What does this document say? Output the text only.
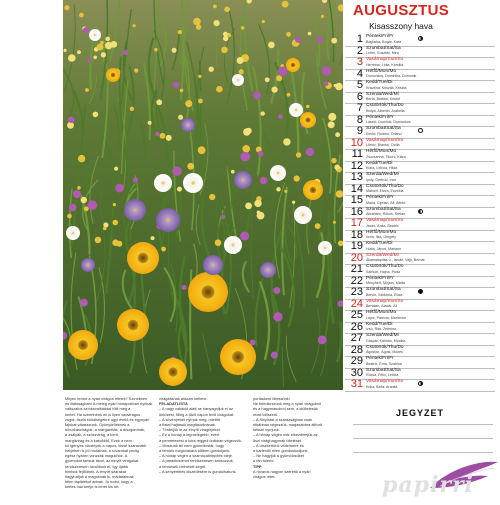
AUGUSZTUS
Kisasszony hava
1 Péntek/Fri/Fr
Boglárka, Bogár, Kata
2 Szombat/Sat/Sa
Lehel, Gusztáv, Mira
3 Vasárnap/Sun/So
Hermina, Lídia, Kamilla
4 Hétfő/Mon/Mo
Domonkos, Dominika, Domonik
5 Kedd/Tue/Di
Krisztina, Krisztiá, Kriszta
6 Szerda/Wed/Mi
Berta, Bettina, Kristóf
7 Csütörtök/Thu/Do
Ibolya, Albertin, Arabella
8 Péntek/Fri/Fr
László, Dominik, Domonkos
9 Szombat/Sat/Sa
Emőd, Roland, Orland
10 Vasárnap/Sun/So
Lőrinc, Blanka, Csilla
11 Hétfő/Mon/Mo
Zsuzsanna, Tiborc, Klára
12 Kedd/Tue/Di
Klára, Letícia, Hilda
13 Szerda/Wed/Mi
Ipoly, Gertrúd, Ince
14 Csütörtök/Thu/Do
Marcell, Elvira, Euzébia
15 Péntek/Fri/Fr
Mária, Ciprián, Ali, Alfréd
16 Szombat/Sat/Sa
Ábrahám, Rókus, Stefán
17 Vasárnap/Sun/So
Jácint, Anita, Beatrix
18 Hétfő/Mon/Mo
Ilona, Ilka, Gergely
19 Kedd/Tue/Di
Huba, János, Mariann
20 Szerda/Wed/Mi
Államalapítás ü., István, Vajk, Bernát
21 Csütörtök/Thu/Do
Sámuel, Hajna, Piusz
22 Péntek/Fri/Fr
Menyhért, Mirjam, Márta
23 Szombat/Sat/Sa
Bence, Szidónia, Róza
24 Vasárnap/Sun/So
Bertalan, Aladár, Ali
25 Hétfő/Mon/Mo
Lajos, Patrícia, Marianna
26 Kedd/Tue/Di
Izsó, Rita, Zeferina
27 Szerda/Wed/Mi
Gáspár, Kálmán, Mónika
28 Csütörtök/Thu/Do
Ágoston, Ágost, Mózes
29 Péntek/Fri/Fr
Beatrix, Erna, Szabina
30 Szombat/Sat/Sa
Rózsa, Félix, Letícia
31 Vasárnap/Sun/So
Erika, Bella, Aranka
Milyen terme a nyári virágos rétnek? Színekben
és illatosagban! A meleg nyári hónapokban nyílnak
változatos színkavalkáddal tölti meg a
kertet. Ha szeretnénk mi is ilyen vadvirágos
zugot, tiszta külsőségekre ugyi évelő és egynyári
fajokat válasszunk. Gyönyörűeknek a
bíborkasvirágok, a margaréták, a díszgombák,
a zsályák, a szöszvirág, a kerti-
margitvirág és a kakukkfű. Ezek a nem
túl igényes növények a napos, kissé szárazabb
helyeken is jól mutatnak, a rovarokat pedig
egész nyáron vonzzák magukhoz. A
gyomokat tartsuk távol, az elnyílt virágokat
rendszeresen távolítsuk el, így újabb
bimbók fejlődnek. A lenyírt szárakat
hagyhatjuk a magoknak is, madaraknak
télen táplálékot adnak. Jó tudni, hogy a
kertes ház kertje is lehet kis rét.
virágzásnak áldozni kellene.
FELADATLISTA
– A nagy vakáció alatt se hanyagoljuk el az
öntözést, főleg a tűző napon lévő virágokat.
– A sövényeket nyírjuk meg, mielőtt
a fiatal hajtások megfásodnának.
– Tördeljük le az elnyílt virágfejeket.
– Ez a hónap a legmelegebb, ezért
a permetezést a kora reggeli órákban végezzük.
– Mossunk tél nem gyümölcsfát, hogy
a termés megóvására időben gondoljunk.
– A hónap végén a szamócatelepítés ideje.
– A paradicsomot rendszeresen kacsozzuk,
a termések beérését segíti.
– A kenyérfélék kiszedésére is gondolhatunk.
portásként ültessünk!
Ne feledkezzünk meg a nyári virágokról
és a hagymásokról sem, a kiültetésük
most időszerű.
– A fűnyírást a szárazságban csak
ritkábban végezzük, magasabbra állított
késsel nyírjunk.
– A hónap végén már elkezdhetjük az
őszi virághagymák ültetését.
– A díszkertünk védelmére és
a kártevők ellen gondoskodjunk.
– Ne hagyjuk a gyümölcsöket
a fán túlérni.
TIPP
A rovarok nagyon szeretik a nyári
virágos rétet.
JEGYZET
papirri
